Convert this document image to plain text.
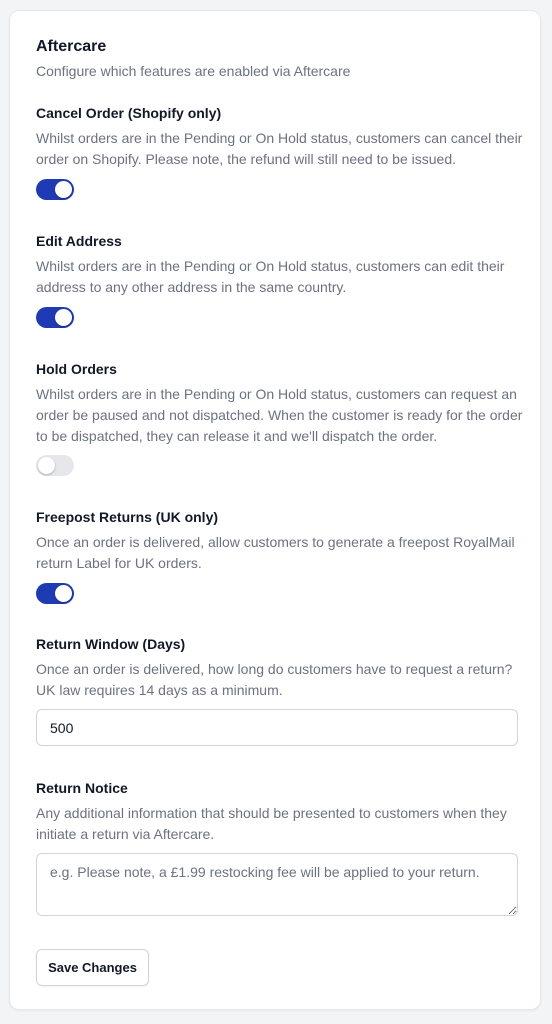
Aftercare
Configure which features are enabled via Aftercare
Cancel Order (Shopify only)
Whilst orders are in the Pending or On Hold status, customers can cancel their order on Shopify. Please note, the refund will still need to be issued.
Edit Address
Whilst orders are in the Pending or On Hold status, customers can edit their address to any other address in the same country.
Hold Orders
Whilst orders are in the Pending or On Hold status, customers can request an order be paused and not dispatched. When the customer is ready for the order to be dispatched, they can release it and we'll dispatch the order.
Freepost Returns (UK only)
Once an order is delivered, allow customers to generate a freepost RoyalMail return Label for UK orders.
Return Window (Days)
Once an order is delivered, how long do customers have to request a return? UK law requires 14 days as a minimum.
500
Return Notice
Any additional information that should be presented to customers when they initiate a return via Aftercare.
e.g. Please note, a £1.99 restocking fee will be applied to your return.
Save Changes
